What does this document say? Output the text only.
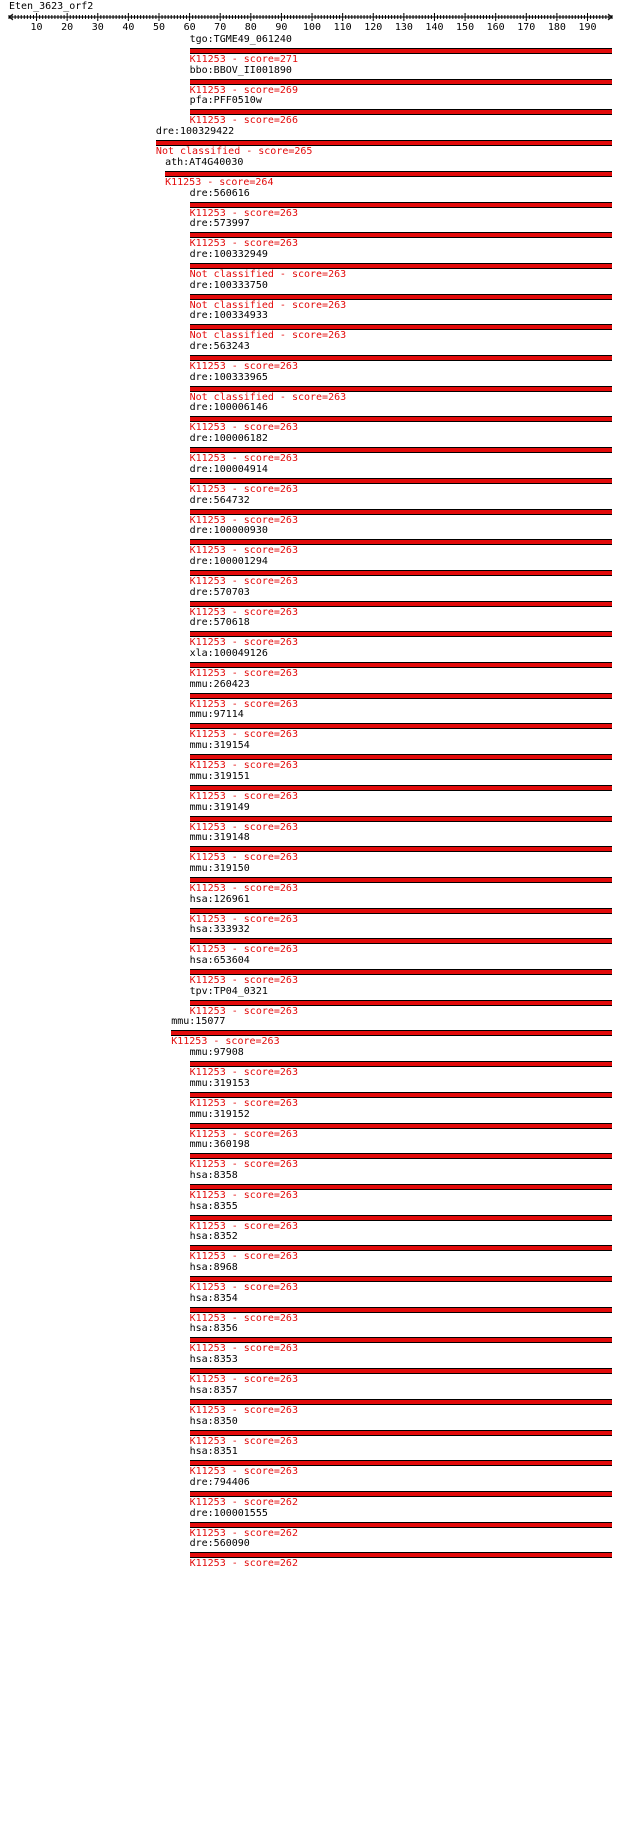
Eten_3623_orf2
10 20 30 40 50 60 70 80 90 100 110 120 130 140 150 160 170 180 190
tgo:TGME49_061240
K11253 - score=271
bbo:BBOV_II001890
K11253 - score=269
pfa:PFF0510w
K11253 - score=266
dre:100329422
Not classified - score=265
ath:AT4G40030
K11253 - score=264
dre:560616
K11253 - score=263
dre:573997
K11253 - score=263
dre:100332949
Not classified - score=263
dre:100333750
Not classified - score=263
dre:100334933
Not classified - score=263
dre:563243
K11253 - score=263
dre:100333965
Not classified - score=263
dre:100006146
K11253 - score=263
dre:100006182
K11253 - score=263
dre:100004914
K11253 - score=263
dre:564732
K11253 - score=263
dre:100000930
K11253 - score=263
dre:100001294
K11253 - score=263
dre:570703
K11253 - score=263
dre:570618
K11253 - score=263
xla:100049126
K11253 - score=263
mmu:260423
K11253 - score=263
mmu:97114
K11253 - score=263
mmu:319154
K11253 - score=263
mmu:319151
K11253 - score=263
mmu:319149
K11253 - score=263
mmu:319148
K11253 - score=263
mmu:319150
K11253 - score=263
hsa:126961
K11253 - score=263
hsa:333932
K11253 - score=263
hsa:653604
K11253 - score=263
tpv:TP04_0321
K11253 - score=263
mmu:15077
K11253 - score=263
mmu:97908
K11253 - score=263
mmu:319153
K11253 - score=263
mmu:319152
K11253 - score=263
mmu:360198
K11253 - score=263
hsa:8358
K11253 - score=263
hsa:8355
K11253 - score=263
hsa:8352
K11253 - score=263
hsa:8968
K11253 - score=263
hsa:8354
K11253 - score=263
hsa:8356
K11253 - score=263
hsa:8353
K11253 - score=263
hsa:8357
K11253 - score=263
hsa:8350
K11253 - score=263
hsa:8351
K11253 - score=263
dre:794406
K11253 - score=262
dre:100001555
K11253 - score=262
dre:560090
K11253 - score=262
